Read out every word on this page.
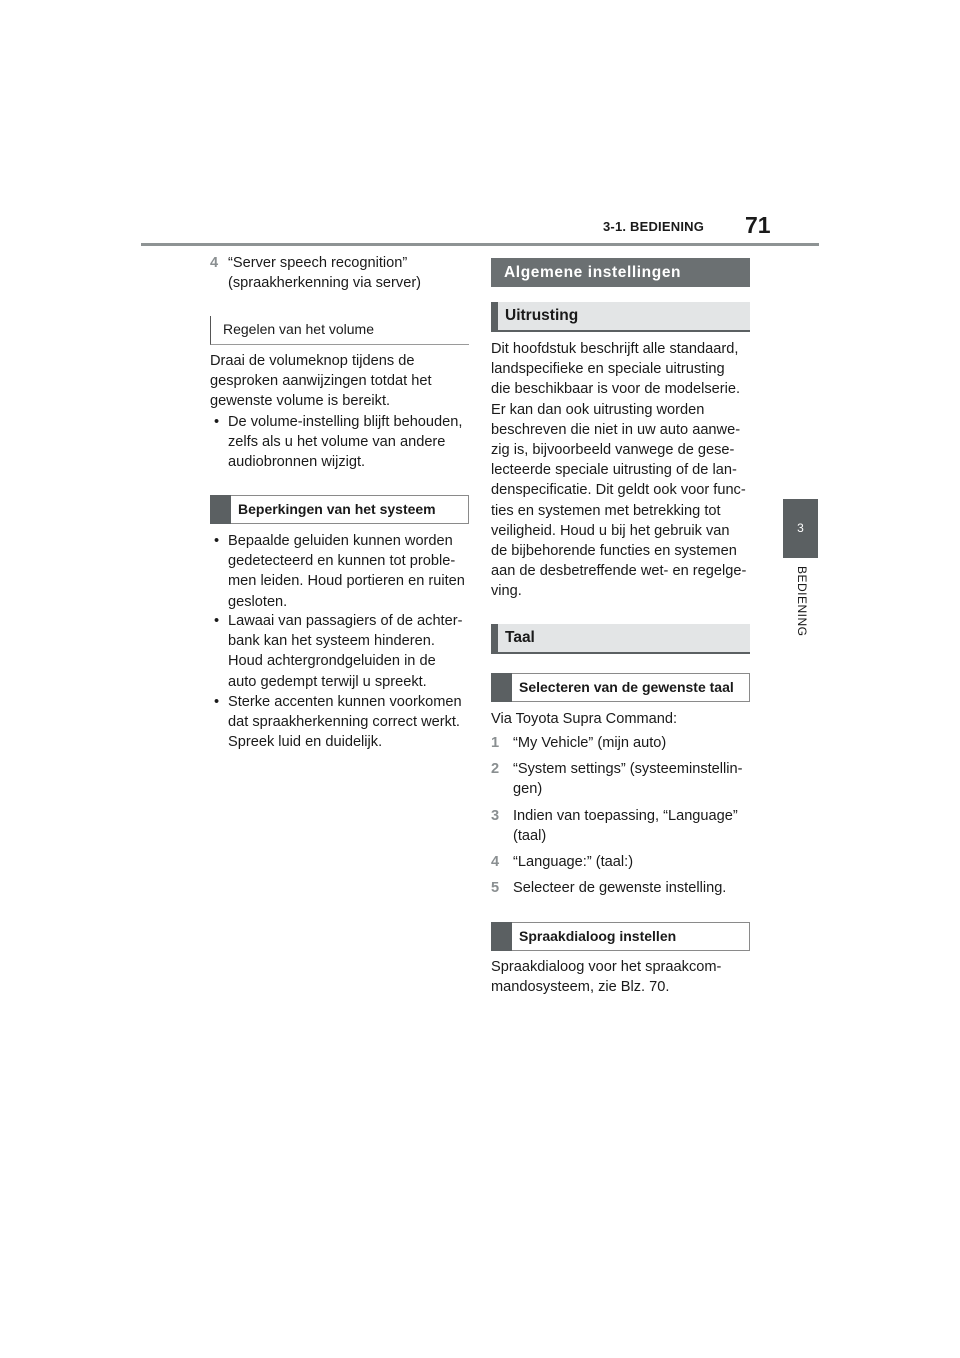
3-1. BEDIENING 71
3
BEDIENING
4 “Server speech recognition”
(spraakherkenning via server)
Regelen van het volume
Draai de volumeknop tijdens de
gesproken aanwijzingen totdat het
gewenste volume is bereikt.
• De volume-instelling blijft behouden,
zelfs als u het volume van andere
audiobronnen wijzigt.
Beperkingen van het systeem
• Bepaalde geluiden kunnen worden
gedetecteerd en kunnen tot proble-
men leiden. Houd portieren en ruiten
gesloten.
• Lawaai van passagiers of de achter-
bank kan het systeem hinderen.
Houd achtergrondgeluiden in de
auto gedempt terwijl u spreekt.
• Sterke accenten kunnen voorkomen
dat spraakherkenning correct werkt.
Spreek luid en duidelijk.
Algemene instellingen
Uitrusting
Dit hoofdstuk beschrijft alle standaard,
landspecifieke en speciale uitrusting
die beschikbaar is voor de modelserie.
Er kan dan ook uitrusting worden
beschreven die niet in uw auto aanwe-
zig is, bijvoorbeeld vanwege de gese-
lecteerde speciale uitrusting of de lan-
denspecificatie. Dit geldt ook voor func-
ties en systemen met betrekking tot
veiligheid. Houd u bij het gebruik van
de bijbehorende functies en systemen
aan de desbetreffende wet- en regelge-
ving.
Taal
Selecteren van de gewenste taal
Via Toyota Supra Command:
1 “My Vehicle” (mijn auto)
2 “System settings” (systeeminstellin-
gen)
3 Indien van toepassing, “Language”
(taal)
4 “Language:” (taal:)
5 Selecteer de gewenste instelling.
Spraakdialoog instellen
Spraakdialoog voor het spraakcom-
mandosysteem, zie Blz. 70.
